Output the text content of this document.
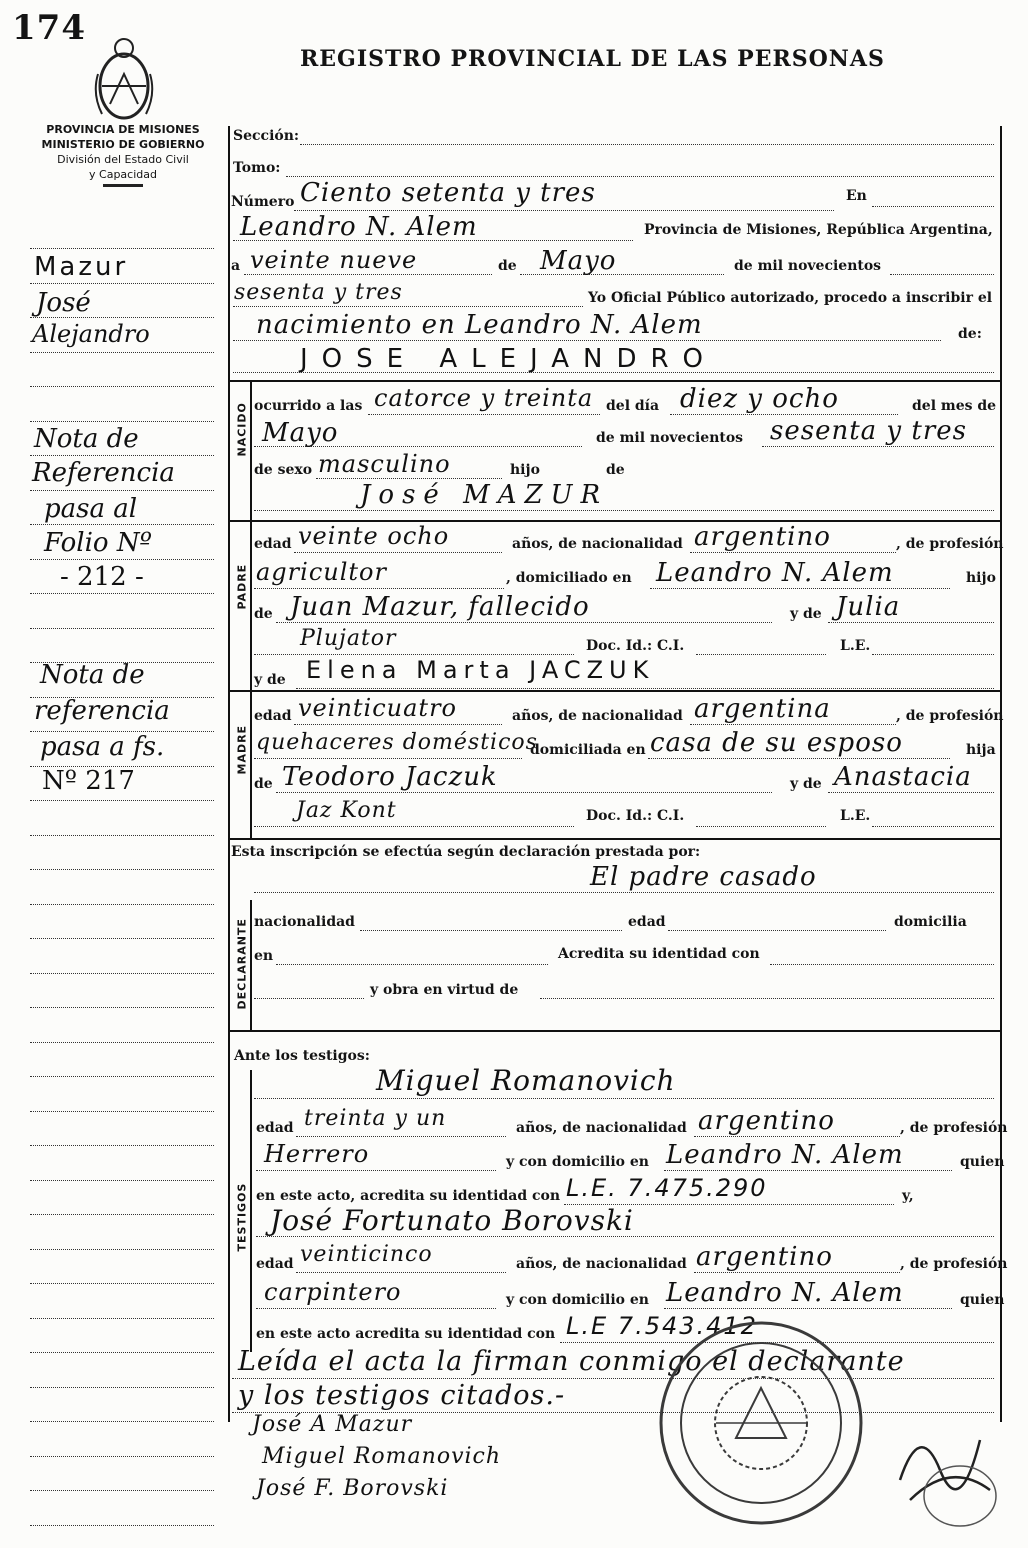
174
REGISTRO PROVINCIAL DE LAS PERSONAS
PROVINCIA DE MISIONES
MINISTERIO DE GOBIERNO
División del Estado Civil
y Capacidad
Mazur
José
Alejandro
Nota de
Referencia
pasa al
Folio Nº
- 212 -
Nota de
referencia
pasa a fs.
Nº 217
NACIDO
PADRE
MADRE
DECLARANTE
TESTIGOS
Sección:
Tomo:
Número Ciento setenta y tres	En
Leandro N. Alem	Provincia de Misiones, República Argentina,
a veinte nueve	de Mayo	de mil novecientos
sesenta y tres	Yo Oficial Público autorizado, procedo a inscribir el
nacimiento en Leandro N. Alem	de:
JOSE ALEJANDRO
ocurrido a las catorce y treinta del día diez y ocho	del mes de
Mayo	de mil novecientos sesenta y tres
de sexo masculino	hijo	de
José MAZUR
edad veinte ocho	años, de nacionalidad argentino	, de profesión
agricultor	, domiciliado en Leandro N. Alem	hijo
de Juan Mazur, fallecido	y de Julia
Plujator	Doc. Id.: C.I.	L.E.
y de Elena Marta JACZUK
edad veinticuatro	años, de nacionalidad argentina	, de profesión
quehaceres domésticos
domiciliada en casa de su esposo	hija
de Teodoro Jaczuk	y de Anastacia
Jaz Kont	Doc. Id.: C.I.	L.E.
Esta inscripción se efectúa según declaración prestada por:
El padre casado
nacionalidad	edad	domicilia
en	Acredita su identidad con
y obra en virtud de
Ante los testigos:
Miguel Romanovich
edad treinta y un	años, de nacionalidad argentino	, de profesión
Herrero	y con domicilio en Leandro N. Alem	quien
en este acto, acredita su identidad con L.E. 7.475.290	y,
José Fortunato Borovski
edad veinticinco	años, de nacionalidad argentino	, de profesión
carpintero	y con domicilio en Leandro N. Alem	quien
en este acto acredita su identidad con L.E 7.543.412
Leída el acta la firman conmigo el declarante
y los testigos citados.-
José A Mazur
Miguel Romanovich
José F. Borovski
